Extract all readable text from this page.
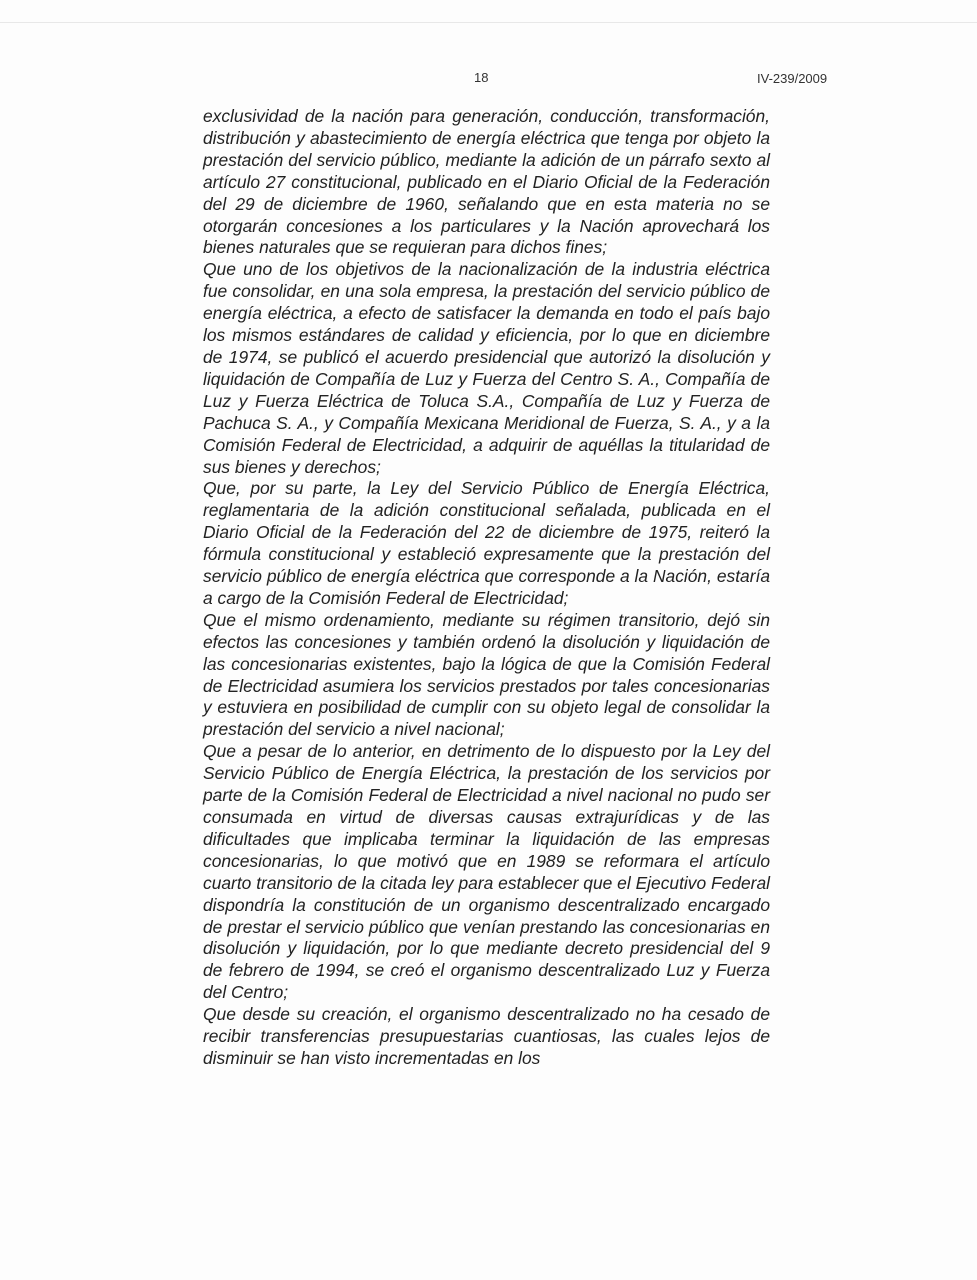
18	IV-239/2009

exclusividad de la nación para generación, conducción, transformación, distribución y abastecimiento de energía eléctrica que tenga por objeto la prestación del servicio público, mediante la adición de un párrafo sexto al artículo 27 constitucional, publicado en el Diario Oficial de la Federación del 29 de diciembre de 1960, señalando que en esta materia no se otorgarán concesiones a los particulares y la Nación aprovechará los bienes naturales que se requieran para dichos fines;

Que uno de los objetivos de la nacionalización de la industria eléctrica fue consolidar, en una sola empresa, la prestación del servicio público de energía eléctrica, a efecto de satisfacer la demanda en todo el país bajo los mismos estándares de calidad y eficiencia, por lo que en diciembre de 1974, se publicó el acuerdo presidencial que autorizó la disolución y liquidación de Compañía de Luz y Fuerza del Centro S. A., Compañía de Luz y Fuerza Eléctrica de Toluca S.A., Compañía de Luz y Fuerza de Pachuca S. A., y Compañía Mexicana Meridional de Fuerza, S. A., y a la Comisión Federal de Electricidad, a adquirir de aquéllas la titularidad de sus bienes y derechos;

Que, por su parte, la Ley del Servicio Público de Energía Eléctrica, reglamentaria de la adición constitucional señalada, publicada en el Diario Oficial de la Federación del 22 de diciembre de 1975, reiteró la fórmula constitucional y estableció expresamente que la prestación del servicio público de energía eléctrica que corresponde a la Nación, estaría a cargo de la Comisión Federal de Electricidad;

Que el mismo ordenamiento, mediante su régimen transitorio, dejó sin efectos las concesiones y también ordenó la disolución y liquidación de las concesionarias existentes, bajo la lógica de que la Comisión Federal de Electricidad asumiera los servicios prestados por tales concesionarias y estuviera en posibilidad de cumplir con su objeto legal de consolidar la prestación del servicio a nivel nacional;

Que a pesar de lo anterior, en detrimento de lo dispuesto por la Ley del Servicio Público de Energía Eléctrica, la prestación de los servicios por parte de la Comisión Federal de Electricidad a nivel nacional no pudo ser consumada en virtud de diversas causas extrajurídicas y de las dificultades que implicaba terminar la liquidación de las empresas concesionarias, lo que motivó que en 1989 se reformara el artículo cuarto transitorio de la citada ley para establecer que el Ejecutivo Federal dispondría la constitución de un organismo descentralizado encargado de prestar el servicio público que venían prestando las concesionarias en disolución y liquidación, por lo que mediante decreto presidencial del 9 de febrero de 1994, se creó el organismo descentralizado Luz y Fuerza del Centro;

Que desde su creación, el organismo descentralizado no ha cesado de recibir transferencias presupuestarias cuantiosas, las cuales lejos de disminuir se han visto incrementadas en los
